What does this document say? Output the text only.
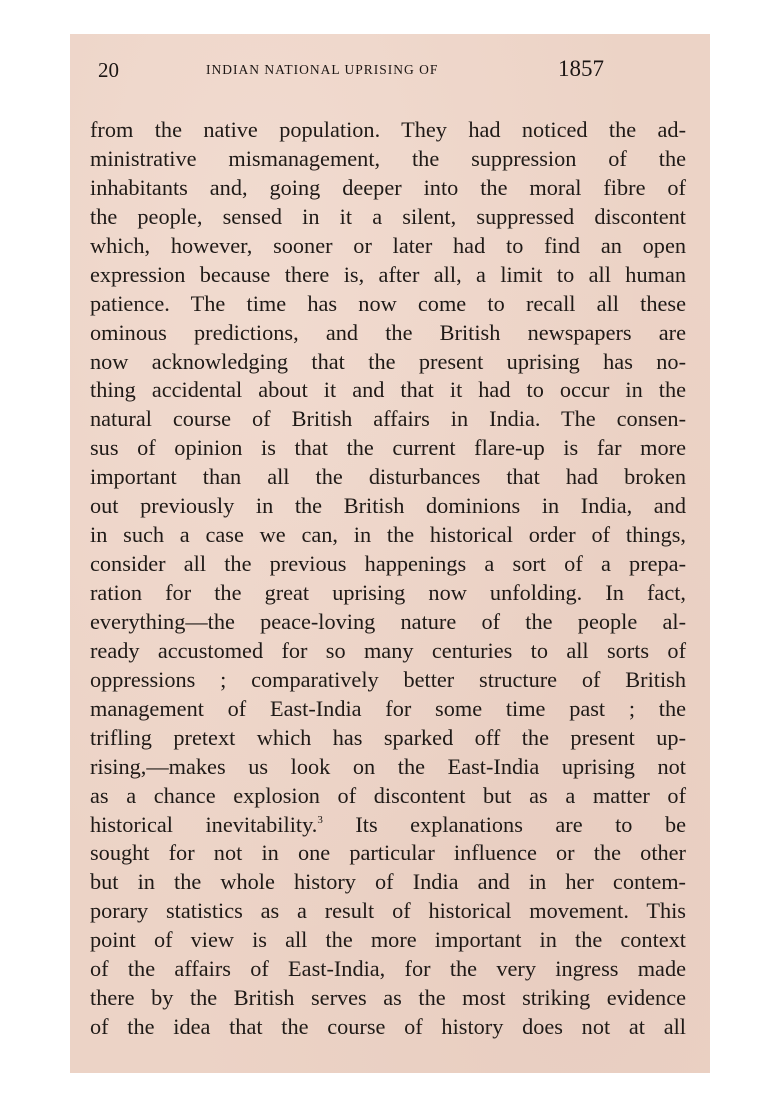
20	INDIAN NATIONAL UPRISING OF	1857
from the native population. They had noticed the ad-
ministrative mismanagement, the suppression of the
inhabitants and, going deeper into the moral fibre of
the people, sensed in it a silent, suppressed discontent
which, however, sooner or later had to find an open
expression because there is, after all, a limit to all human
patience. The time has now come to recall all these
ominous predictions, and the British newspapers are
now acknowledging that the present uprising has no-
thing accidental about it and that it had to occur in the
natural course of British affairs in India. The consen-
sus of opinion is that the current flare-up is far more
important than all the disturbances that had broken
out previously in the British dominions in India, and
in such a case we can, in the historical order of things,
consider all the previous happenings a sort of a prepa-
ration for the great uprising now unfolding. In fact,
everything—the peace-loving nature of the people al-
ready accustomed for so many centuries to all sorts of
oppressions ; comparatively better structure of British
management of East-India for some time past ; the
trifling pretext which has sparked off the present up-
rising,—makes us look on the East-India uprising not
as a chance explosion of discontent but as a matter of
historical inevitability.$^3$ Its explanations are to be
sought for not in one particular influence or the other
but in the whole history of India and in her contem-
porary statistics as a result of historical movement. This
point of view is all the more important in the context
of the affairs of East-India, for the very ingress made
there by the British serves as the most striking evidence
of the idea that the course of history does not at all
